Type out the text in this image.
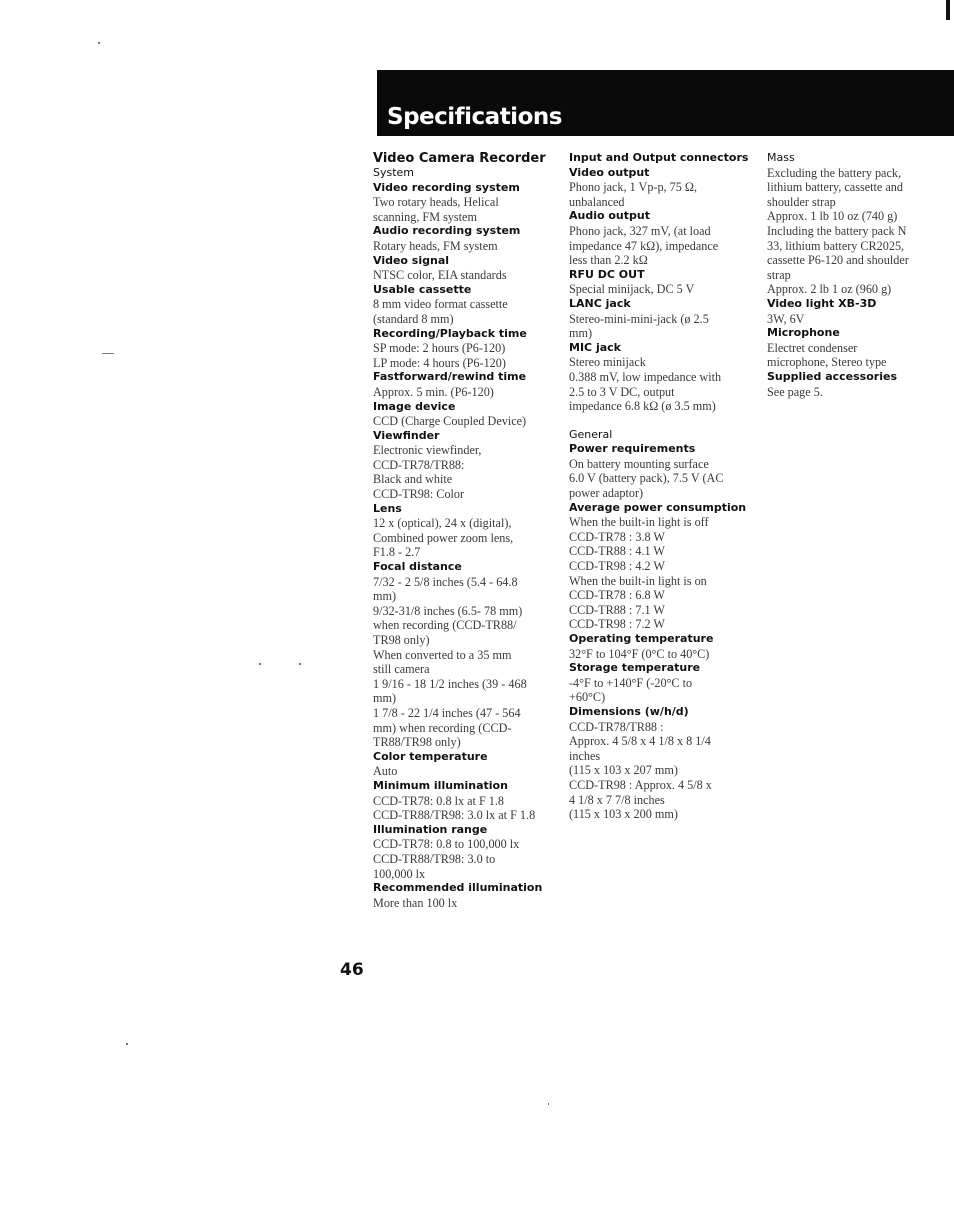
Specifications
Video Camera Recorder
System
Video recording system
Two rotary heads, Helical
scanning, FM system
Audio recording system
Rotary heads, FM system
Video signal
NTSC color, EIA standards
Usable cassette
8 mm video format cassette
(standard 8 mm)
Recording/Playback time
SP mode: 2 hours (P6-120)
LP mode: 4 hours (P6-120)
Fastforward/rewind time
Approx. 5 min. (P6-120)
Image device
CCD (Charge Coupled Device)
Viewfinder
Electronic viewfinder,
CCD-TR78/TR88:
Black and white
CCD-TR98: Color
Lens
12 x (optical), 24 x (digital),
Combined power zoom lens,
F1.8 - 2.7
Focal distance
7/32 - 2 5/8 inches (5.4 - 64.8
mm)
9/32-31/8 inches (6.5- 78 mm)
when recording (CCD-TR88/
TR98 only)
When converted to a 35 mm
still camera
1 9/16 - 18 1/2 inches (39 - 468
mm)
1 7/8 - 22 1/4 inches (47 - 564
mm) when recording (CCD-
TR88/TR98 only)
Color temperature
Auto
Minimum illumination
CCD-TR78: 0.8 lx at F 1.8
CCD-TR88/TR98: 3.0 lx at F 1.8
Illumination range
CCD-TR78: 0.8 to 100,000 lx
CCD-TR88/TR98: 3.0 to
100,000 lx
Recommended illumination
More than 100 lx
Input and Output connectors
Video output
Phono jack, 1 Vp-p, 75 Ω,
unbalanced
Audio output
Phono jack, 327 mV, (at load
impedance 47 kΩ), impedance
less than 2.2 kΩ
RFU DC OUT
Special minijack, DC 5 V
LANC jack
Stereo-mini-mini-jack (ø 2.5
mm)
MIC jack
Stereo minijack
0.388 mV, low impedance with
2.5 to 3 V DC, output
impedance 6.8 kΩ (ø 3.5 mm)
General
Power requirements
On battery mounting surface
6.0 V (battery pack), 7.5 V (AC
power adaptor)
Average power consumption
When the built-in light is off
CCD-TR78 : 3.8 W
CCD-TR88 : 4.1 W
CCD-TR98 : 4.2 W
When the built-in light is on
CCD-TR78 : 6.8 W
CCD-TR88 : 7.1 W
CCD-TR98 : 7.2 W
Operating temperature
32°F to 104°F (0°C to 40°C)
Storage temperature
-4°F to +140°F (-20°C to
+60°C)
Dimensions (w/h/d)
CCD-TR78/TR88 :
Approx. 4 5/8 x 4 1/8 x 8 1/4
inches
(115 x 103 x 207 mm)
CCD-TR98 : Approx. 4 5/8 x
4 1/8 x 7 7/8 inches
(115 x 103 x 200 mm)
Mass
Excluding the battery pack,
lithium battery, cassette and
shoulder strap
Approx. 1 lb 10 oz (740 g)
Including the battery pack N
33, lithium battery CR2025,
cassette P6-120 and shoulder
strap
Approx. 2 lb 1 oz (960 g)
Video light XB-3D
3W, 6V
Microphone
Electret condenser
microphone, Stereo type
Supplied accessories
See page 5.
46
